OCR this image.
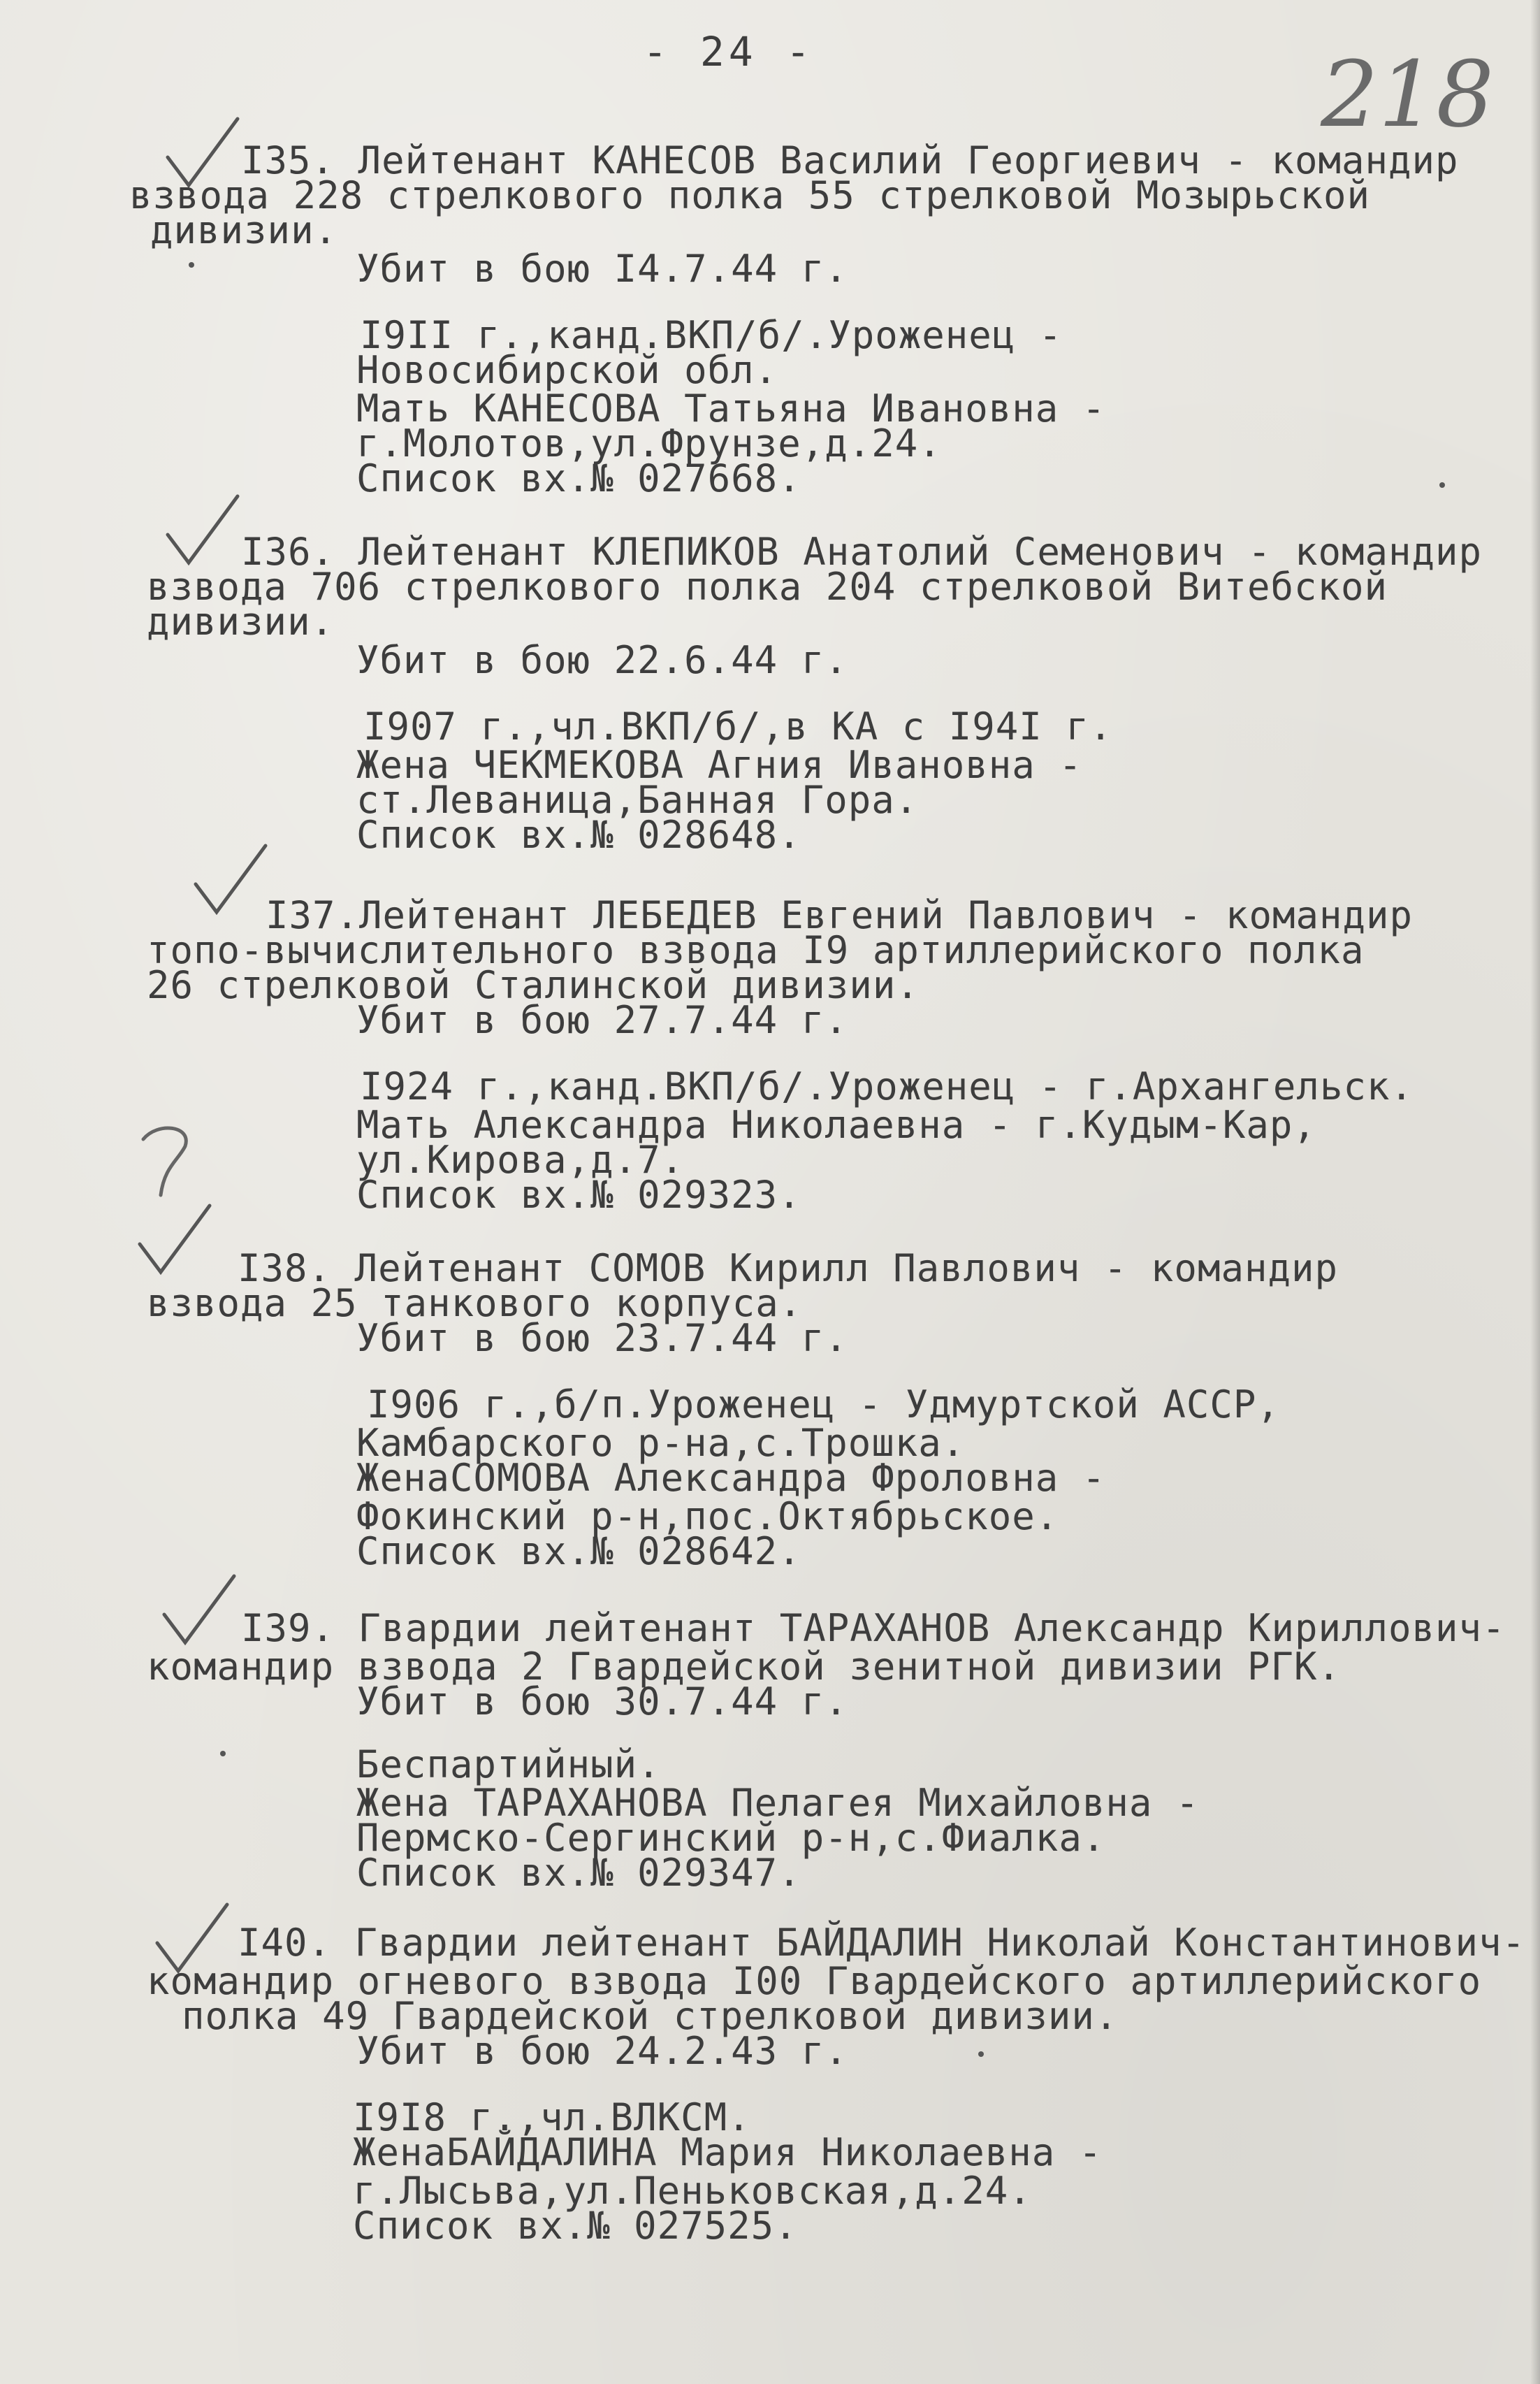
- 24 -	218
I35. Лейтенант КАНЕСОВ Василий Георгиевич - командир
взвода 228 стрелкового полка 55 стрелковой Мозырьской
дивизии.
Убит в бою I4.7.44 г.
I9II г.,канд.ВКП/б/.Уроженец -
Новосибирской обл.
Мать КАНЕСОВА Татьяна Ивановна -
г.Молотов,ул.Фрунзе,д.24.
Список вх.№ 027668.
I36. Лейтенант КЛЕПИКОВ Анатолий Семенович - командир
взвода 706 стрелкового полка 204 стрелковой Витебской
дивизии.
Убит в бою 22.6.44 г.
I907 г.,чл.ВКП/б/,в КА с I94I г.
Жена ЧЕКМЕКОВА Агния Ивановна -
ст.Леваница,Банная Гора.
Список вх.№ 028648.
I37.Лейтенант ЛЕБЕДЕВ Евгений Павлович - командир
топо-вычислительного взвода I9 артиллерийского полка
26 стрелковой Сталинской дивизии.
Убит в бою 27.7.44 г.
I924 г.,канд.ВКП/б/.Уроженец - г.Архангельск.
Мать Александра Николаевна - г.Кудым-Кар,
ул.Кирова,д.7.
Список вх.№ 029323.
I38. Лейтенант СОМОВ Кирилл Павлович - командир
взвода 25 танкового корпуса.
Убит в бою 23.7.44 г.
I906 г.,б/п.Уроженец - Удмуртской АССР,
Камбарского р-на,с.Трошка.
ЖенаСОМОВА Александра Фроловна -
Фокинский р-н,пос.Октябрьское.
Список вх.№ 028642.
I39. Гвардии лейтенант ТАРАХАНОВ Александр Кириллович-
командир взвода 2 Гвардейской зенитной дивизии РГК.
Убит в бою 30.7.44 г.
Беспартийный.
Жена ТАРАХАНОВА Пелагея Михайловна -
Пермско-Сергинский р-н,с.Фиалка.
Список вх.№ 029347.
I40. Гвардии лейтенант БАЙДАЛИН Николай Константинович-
командир огневого взвода I00 Гвардейского артиллерийского
полка 49 Гвардейской стрелковой дивизии.
Убит в бою 24.2.43 г.
I9I8 г.,чл.ВЛКСМ.
ЖенаБАЙДАЛИНА Мария Николаевна -
г.Лысьва,ул.Пеньковская,д.24.
Список вх.№ 027525.
